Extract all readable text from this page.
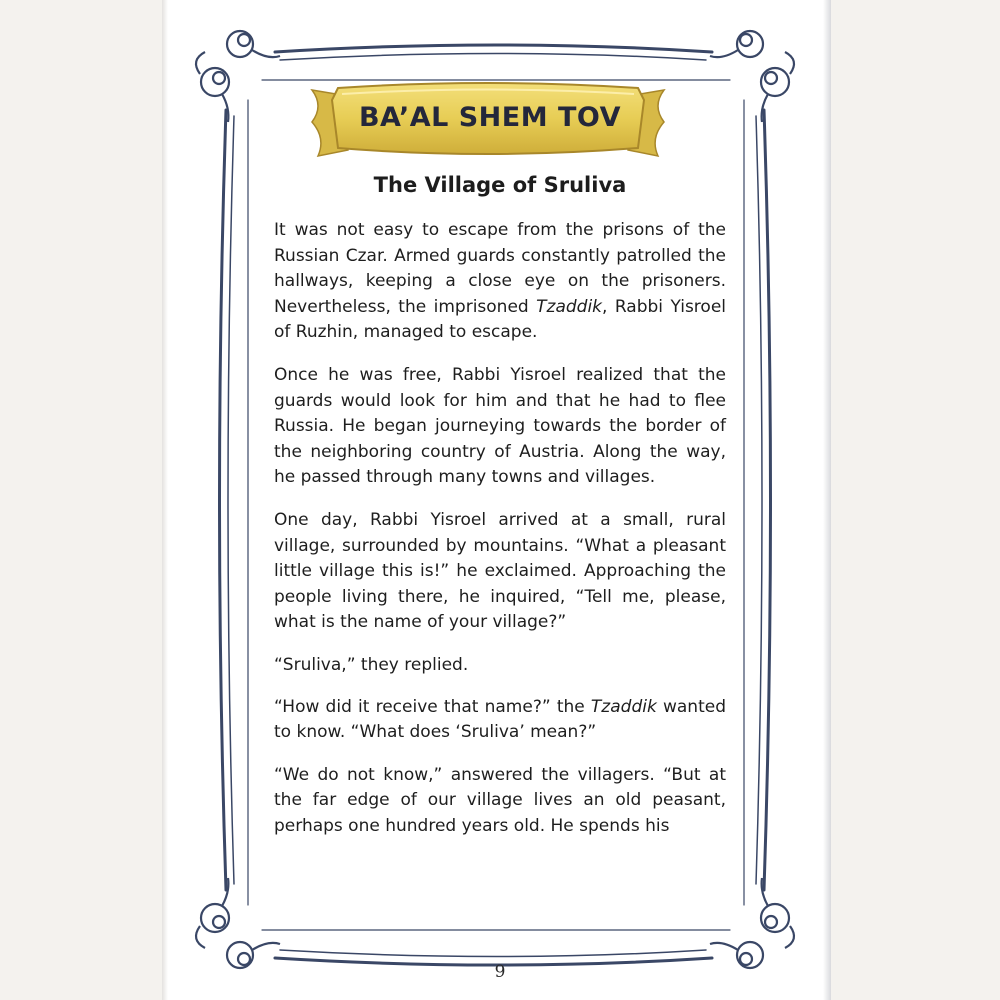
BA’AL SHEM TOV
The Village of Sruliva

It was not easy to escape from the prisons of the Russian Czar. Armed guards constantly patrolled the hallways, keeping a close eye on the prisoners. Nevertheless, the imprisoned Tzaddik, Rabbi Yisroel of Ruzhin, managed to escape.

Once he was free, Rabbi Yisroel realized that the guards would look for him and that he had to flee Russia. He began journeying towards the border of the neighboring country of Austria. Along the way, he passed through many towns and villages.

One day, Rabbi Yisroel arrived at a small, rural village, surrounded by mountains. “What a pleasant little village this is!” he exclaimed. Approaching the people living there, he inquired, “Tell me, please, what is the name of your village?”

“Sruliva,” they replied.

“How did it receive that name?” the Tzaddik wanted to know. “What does ‘Sruliva’ mean?”

“We do not know,” answered the villagers. “But at the far edge of our village lives an old peasant, perhaps one hundred years old. He spends his

9
